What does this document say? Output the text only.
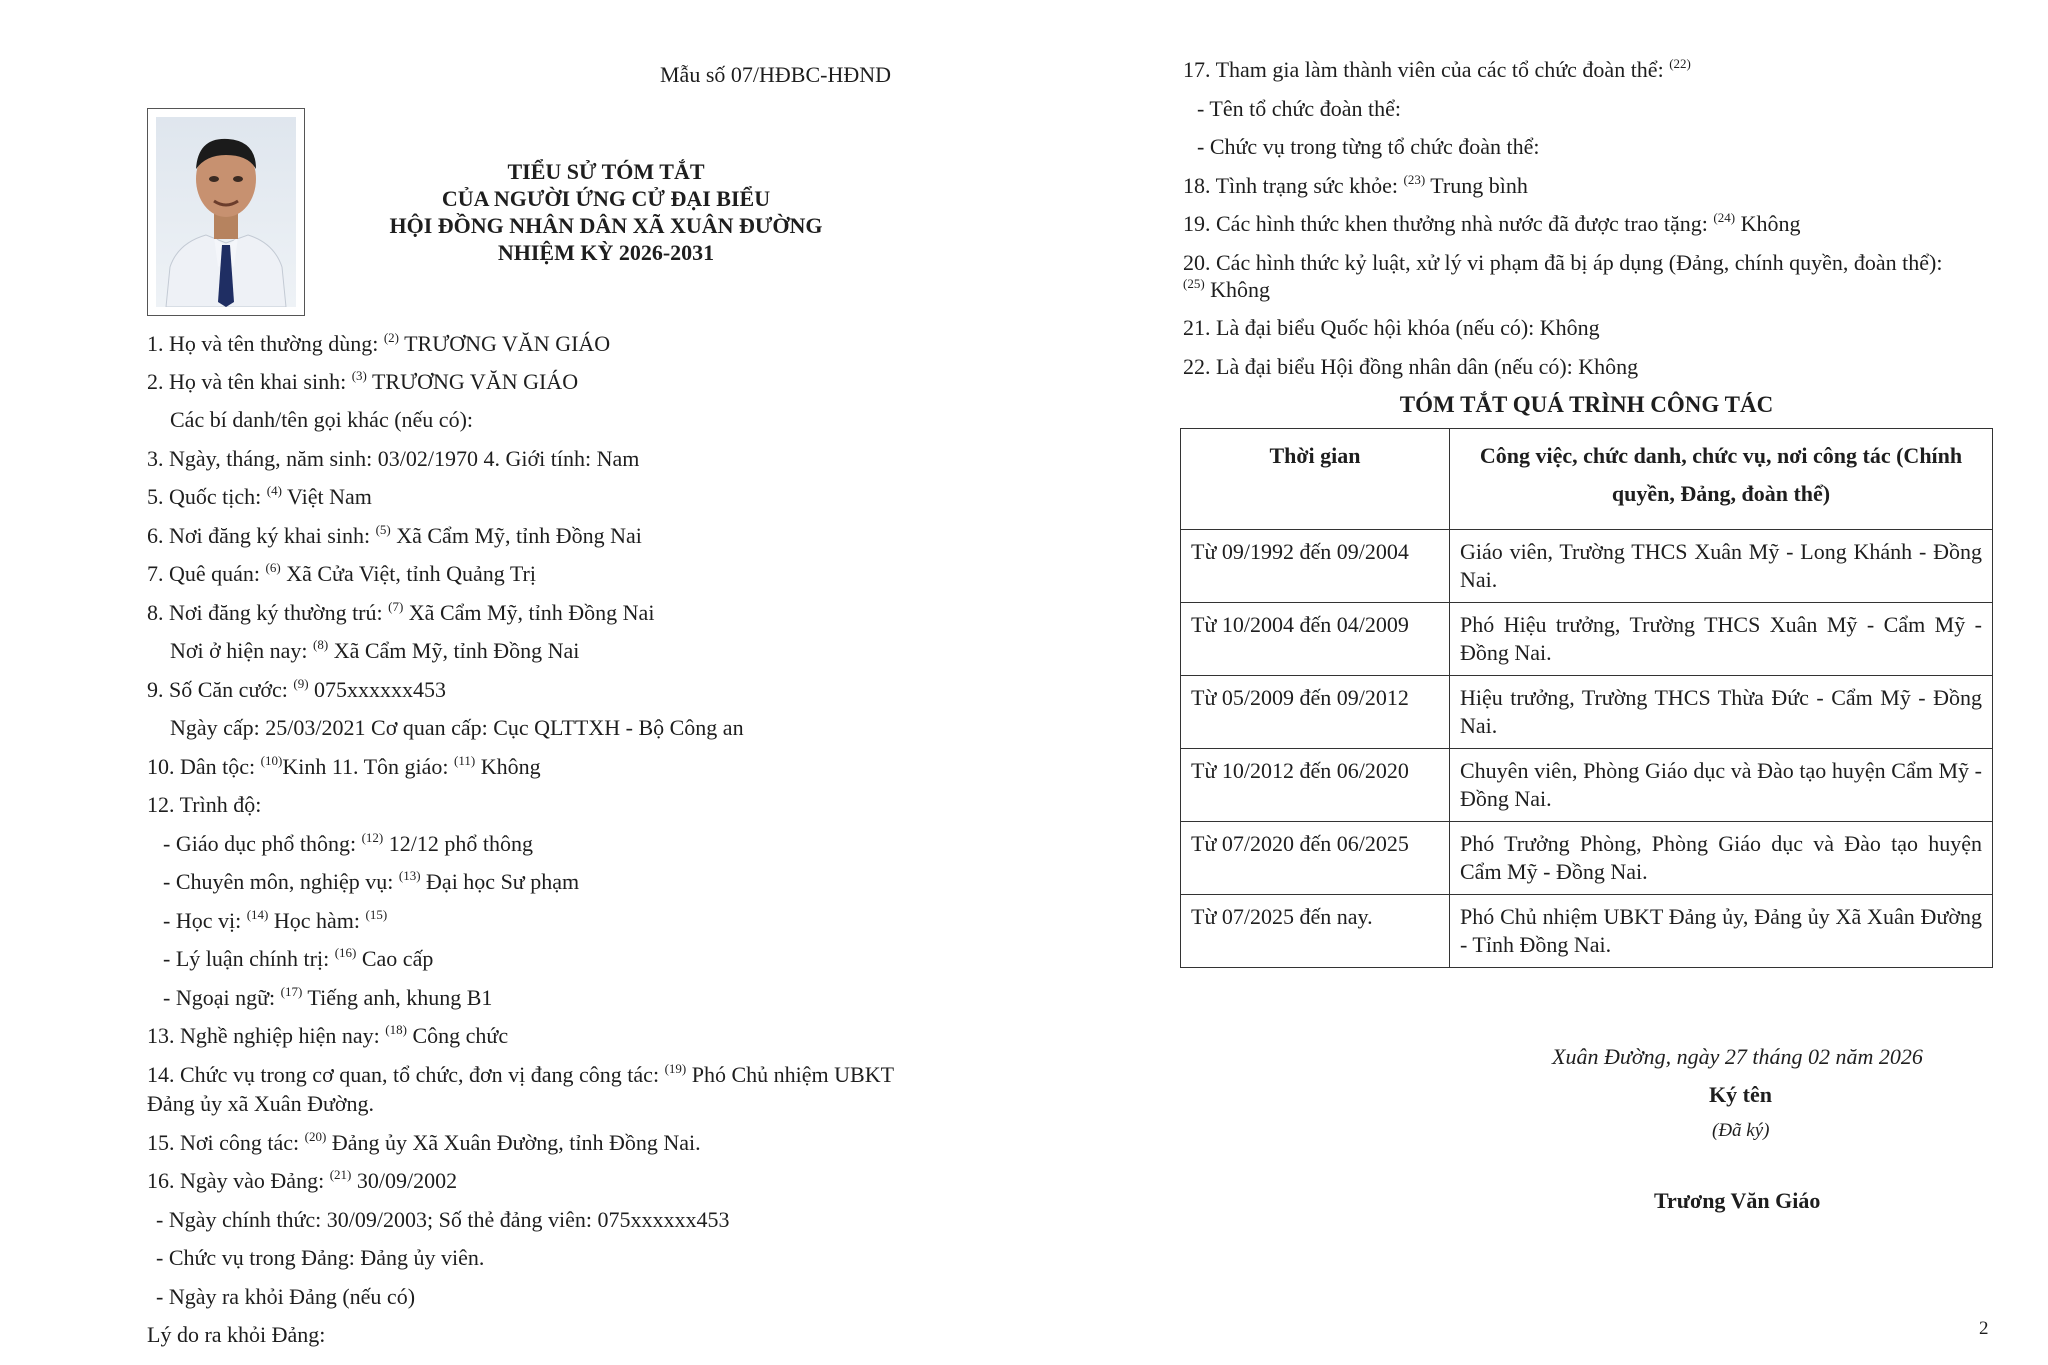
Mẫu số 07/HĐBC-HĐND
TIỂU SỬ TÓM TẮT
CỦA NGƯỜI ỨNG CỬ ĐẠI BIỂU
HỘI ĐỒNG NHÂN DÂN XÃ XUÂN ĐƯỜNG
NHIỆM KỲ 2026-2031
1. Họ và tên thường dùng: $^{(2)}$ TRƯƠNG VĂN GIÁO
2. Họ và tên khai sinh: $^{(3)}$ TRƯƠNG VĂN GIÁO
Các bí danh/tên gọi khác (nếu có):
3. Ngày, tháng, năm sinh: 03/02/1970 4. Giới tính: Nam
5. Quốc tịch: $^{(4)}$ Việt Nam
6. Nơi đăng ký khai sinh: $^{(5)}$ Xã Cẩm Mỹ, tỉnh Đồng Nai
7. Quê quán: $^{(6)}$ Xã Cửa Việt, tỉnh Quảng Trị
8. Nơi đăng ký thường trú: $^{(7)}$ Xã Cẩm Mỹ, tỉnh Đồng Nai
Nơi ở hiện nay: $^{(8)}$ Xã Cẩm Mỹ, tỉnh Đồng Nai
9. Số Căn cước: $^{(9)}$ 075xxxxxx453
Ngày cấp: 25/03/2021 Cơ quan cấp: Cục QLTTXH - Bộ Công an
10. Dân tộc: $^{(10)}$Kinh 11. Tôn giáo: $^{(11)}$ Không
12. Trình độ:
- Giáo dục phổ thông: $^{(12)}$ 12/12 phổ thông
- Chuyên môn, nghiệp vụ: $^{(13)}$ Đại học Sư phạm
- Học vị: $^{(14)}$ Học hàm: $^{(15)}$
- Lý luận chính trị: $^{(16)}$ Cao cấp
- Ngoại ngữ: $^{(17)}$ Tiếng anh, khung B1
13. Nghề nghiệp hiện nay: $^{(18)}$ Công chức
14. Chức vụ trong cơ quan, tổ chức, đơn vị đang công tác: $^{(19)}$ Phó Chủ nhiệm UBKT
Đảng ủy xã Xuân Đường.
15. Nơi công tác: $^{(20)}$ Đảng ủy Xã Xuân Đường, tỉnh Đồng Nai.
16. Ngày vào Đảng: $^{(21)}$ 30/09/2002
- Ngày chính thức: 30/09/2003; Số thẻ đảng viên: 075xxxxxx453
- Chức vụ trong Đảng: Đảng ủy viên.
- Ngày ra khỏi Đảng (nếu có)
Lý do ra khỏi Đảng:
17. Tham gia làm thành viên của các tổ chức đoàn thể: $^{(22)}$
- Tên tổ chức đoàn thể:
- Chức vụ trong từng tổ chức đoàn thể:
18. Tình trạng sức khỏe: $^{(23)}$ Trung bình
19. Các hình thức khen thưởng nhà nước đã được trao tặng: $^{(24)}$ Không
20. Các hình thức kỷ luật, xử lý vi phạm đã bị áp dụng (Đảng, chính quyền, đoàn thể):
$^{(25)}$ Không
21. Là đại biểu Quốc hội khóa (nếu có): Không
22. Là đại biểu Hội đồng nhân dân (nếu có): Không
TÓM TẮT QUÁ TRÌNH CÔNG TÁC
Thời gian	Công việc, chức danh, chức vụ, nơi công tác (Chính quyền, Đảng, đoàn thể)
Từ 09/1992 đến 09/2004	Giáo viên, Trường THCS Xuân Mỹ - Long Khánh - Đồng Nai.
Từ 10/2004 đến 04/2009	Phó Hiệu trưởng, Trường THCS Xuân Mỹ - Cẩm Mỹ - Đồng Nai.
Từ 05/2009 đến 09/2012	Hiệu trưởng, Trường THCS Thừa Đức - Cẩm Mỹ - Đồng Nai.
Từ 10/2012 đến 06/2020	Chuyên viên, Phòng Giáo dục và Đào tạo huyện Cẩm Mỹ - Đồng Nai.
Từ 07/2020 đến 06/2025	Phó Trưởng Phòng, Phòng Giáo dục và Đào tạo huyện Cẩm Mỹ - Đồng Nai.
Từ 07/2025 đến nay.	Phó Chủ nhiệm UBKT Đảng ủy, Đảng ủy Xã Xuân Đường - Tỉnh Đồng Nai.
Xuân Đường, ngày 27 tháng 02 năm 2026
Ký tên
(Đã ký)
Trương Văn Giáo
2
